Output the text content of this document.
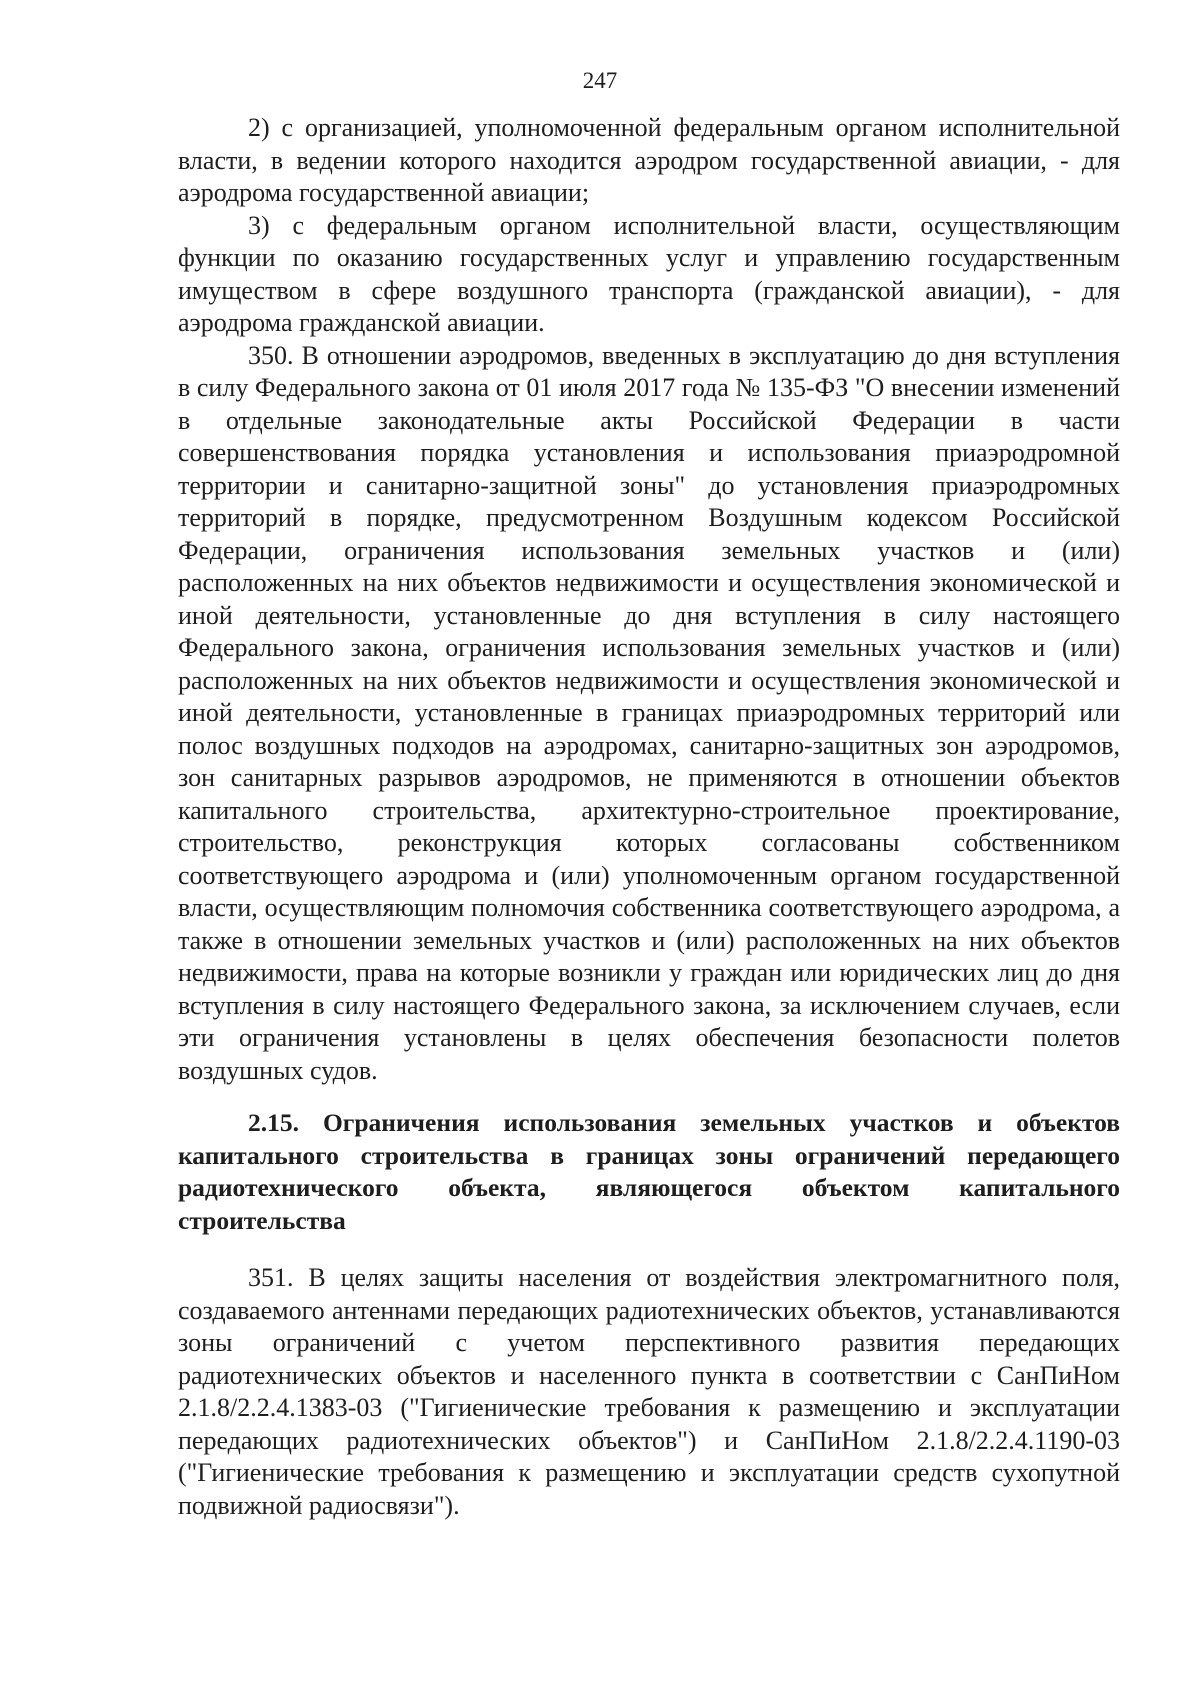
247

2) с организацией, уполномоченной федеральным органом исполнительной власти, в ведении которого находится аэродром государственной авиации, - для аэродрома государственной авиации;

3) с федеральным органом исполнительной власти, осуществляющим функции по оказанию государственных услуг и управлению государственным имуществом в сфере воздушного транспорта (гражданской авиации), - для аэродрома гражданской авиации.

350. В отношении аэродромов, введенных в эксплуатацию до дня вступления в силу Федерального закона от 01 июля 2017 года № 135-ФЗ "О внесении изменений в отдельные законодательные акты Российской Федерации в части совершенствования порядка установления и использования приаэродромной территории и санитарно-защитной зоны" до установления приаэродромных территорий в порядке, предусмотренном Воздушным кодексом Российской Федерации, ограничения использования земельных участков и (или) расположенных на них объектов недвижимости и осуществления экономической и иной деятельности, установленные до дня вступления в силу настоящего Федерального закона, ограничения использования земельных участков и (или) расположенных на них объектов недвижимости и осуществления экономической и иной деятельности, установленные в границах приаэродромных территорий или полос воздушных подходов на аэродромах, санитарно-защитных зон аэродромов, зон санитарных разрывов аэродромов, не применяются в отношении объектов капитального строительства, архитектурно-строительное проектирование, строительство, реконструкция которых согласованы собственником соответствующего аэродрома и (или) уполномоченным органом государственной власти, осуществляющим полномочия собственника соответствующего аэродрома, а также в отношении земельных участков и (или) расположенных на них объектов недвижимости, права на которые возникли у граждан или юридических лиц до дня вступления в силу настоящего Федерального закона, за исключением случаев, если эти ограничения установлены в целях обеспечения безопасности полетов воздушных судов.

2.15. Ограничения использования земельных участков и объектов капитального строительства в границах зоны ограничений передающего радиотехнического объекта, являющегося объектом капитального строительства

351. В целях защиты населения от воздействия электромагнитного поля, создаваемого антеннами передающих радиотехнических объектов, устанавливаются зоны ограничений с учетом перспективного развития передающих радиотехнических объектов и населенного пункта в соответствии с СанПиНом 2.1.8/2.2.4.1383-03 ("Гигиенические требования к размещению и эксплуатации передающих радиотехнических объектов") и СанПиНом 2.1.8/2.2.4.1190-03 ("Гигиенические требования к размещению и эксплуатации средств сухопутной подвижной радиосвязи").
